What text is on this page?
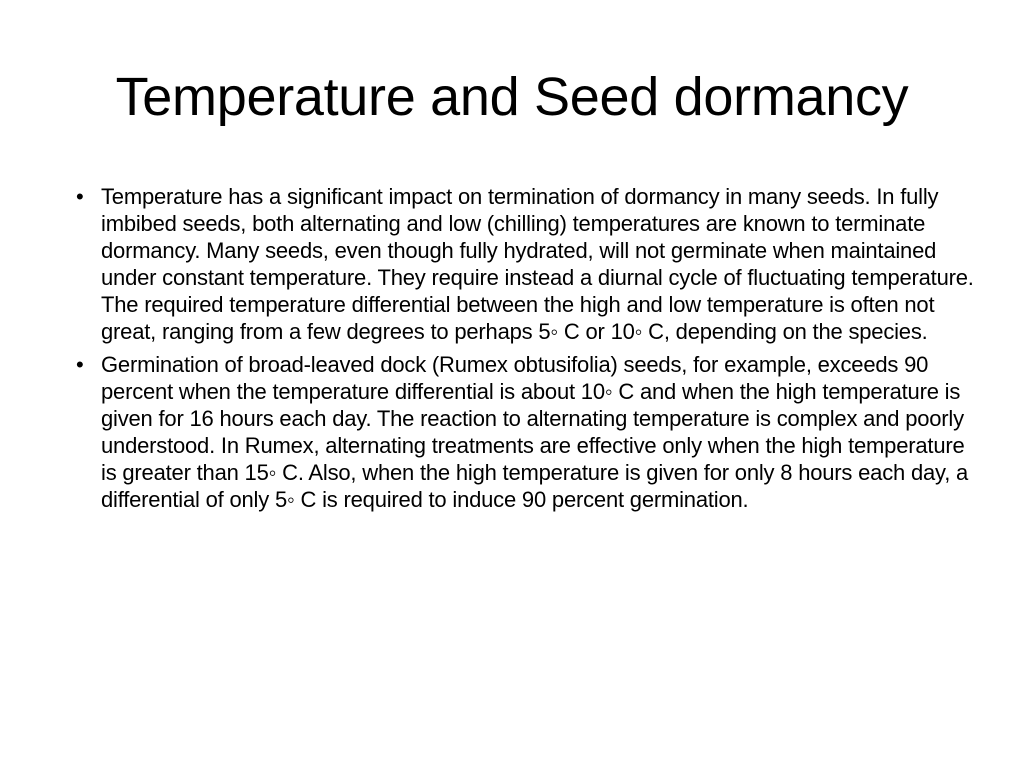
Temperature and Seed dormancy
• Temperature has a significant impact on termination of dormancy in many seeds. In fully imbibed seeds, both alternating and low (chilling) temperatures are known to terminate dormancy. Many seeds, even though fully hydrated, will not germinate when maintained under constant temperature. They require instead a diurnal cycle of fluctuating temperature. The required temperature differential between the high and low temperature is often not great, ranging from a few degrees to perhaps 5◦ C or 10◦ C, depending on the species.
• Germination of broad-leaved dock (Rumex obtusifolia) seeds, for example, exceeds 90 percent when the temperature differential is about 10◦ C and when the high temperature is given for 16 hours each day. The reaction to alternating temperature is complex and poorly understood. In Rumex, alternating treatments are effective only when the high temperature is greater than 15◦ C. Also, when the high temperature is given for only 8 hours each day, a differential of only 5◦ C is required to induce 90 percent germination.
